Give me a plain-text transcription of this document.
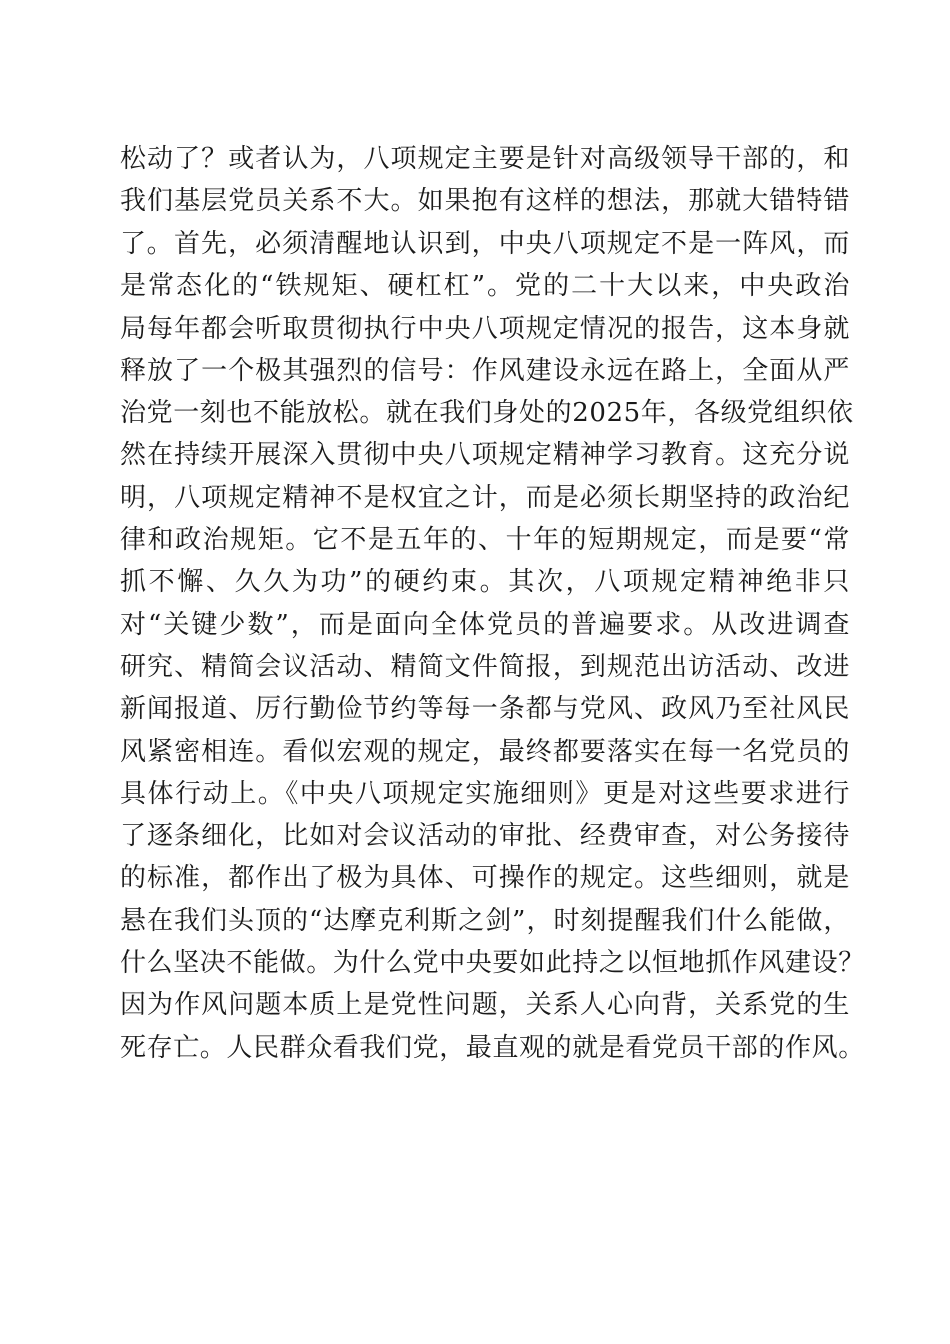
松动了？或者认为，八项规定主要是针对高级领导干部的，和
我们基层党员关系不大。如果抱有这样的想法，那就大错特错
了。 首先，必须清醒地认识到，中央八项规定不是一阵风，而
是常态化的“铁规矩、硬杠杠”。党的二十大以来，中央政治
局每年都会听取贯彻执行中央八项规定情况的报告，这本身就
释放了一个极其强烈的信号：作风建设永远在路上，全面从严
治党一刻也不能放松。就在我们身处的2025年，各级党组织依
然在持续开展深入贯彻中央八项规定精神学习教育。这充分说
明，八项规定精神不是权宜之计，而是必须长期坚持的政治纪
律和政治规矩。它不是五年的、十年的短期规定，而是要“常
抓不懈、久久为功”的硬约束。其次，八项规定精神绝非只
对“关键少数”，而是面向全体党员的普遍要求。从改进调查
研究、精简会议活动、精简文件简报，到规范出访活动、改进
新闻报道、厉行勤俭节约等每一条都与党风、政风乃至社风民
风紧密相连。看似宏观的规定，最终都要落实在每一名党员的
具体行动上。《中央八项规定实施细则》更是对这些要求进行
了逐条细化，比如对会议活动的审批、经费审查，对公务接待
的标准，都作出了极为具体、可操作的规定。这些细则，就是
悬在我们头顶的“达摩克利斯之剑”，时刻提醒我们什么能做，
什么坚决不能做。为什么党中央要如此持之以恒地抓作风建设？
因为作风问题本质上是党性问题，关系人心向背，关系党的生
死存亡。人民群众看我们党，最直观的就是看党员干部的作风。
